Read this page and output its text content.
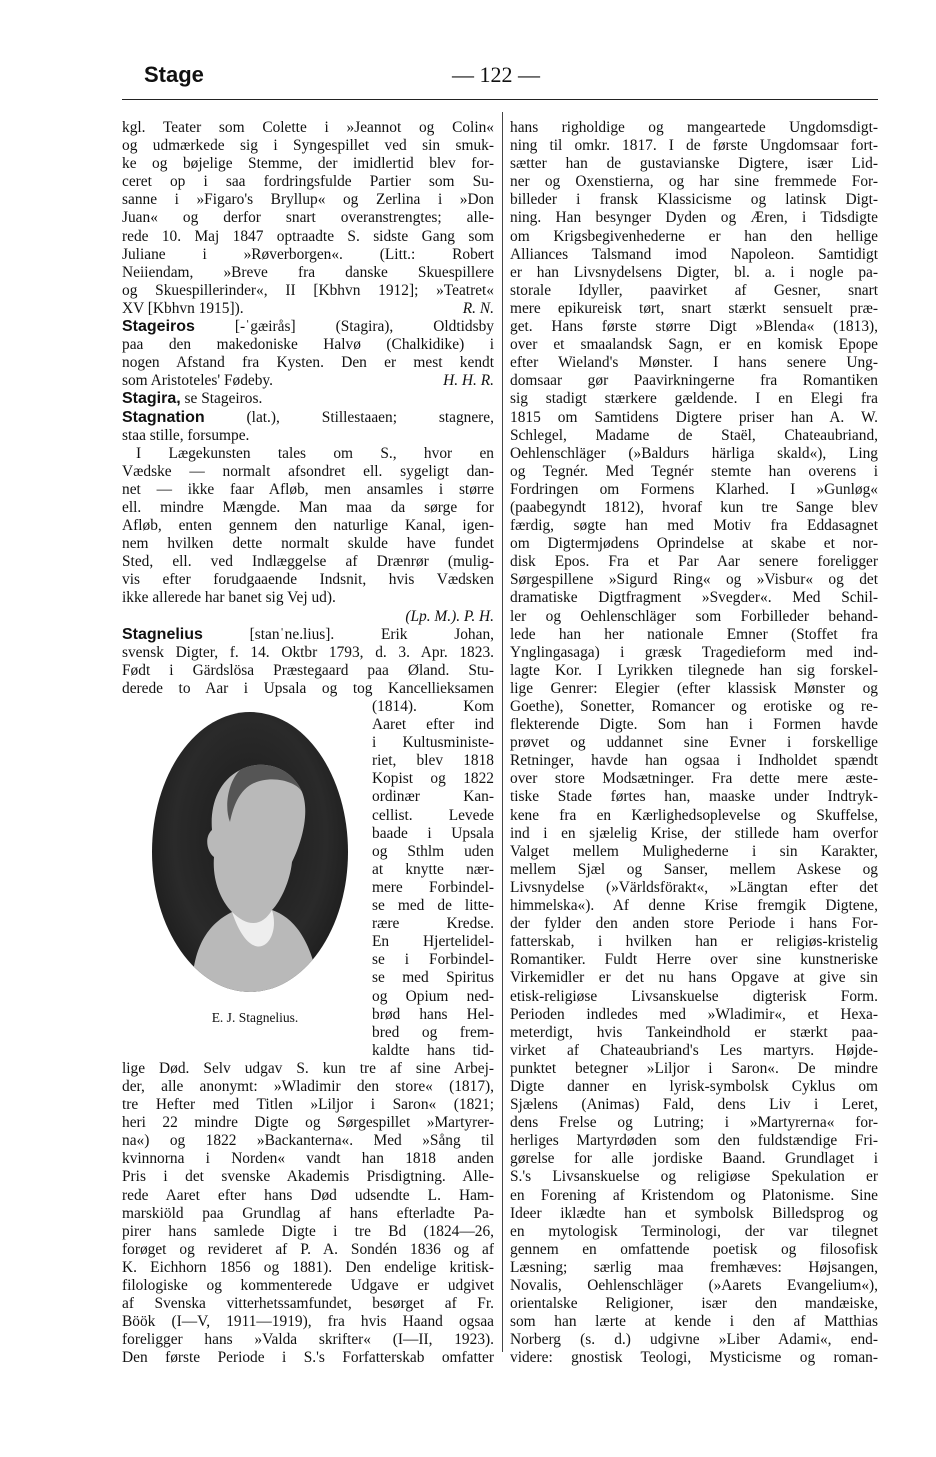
Stage	— 122 —
kgl. Teater som Colette i »Jeannot og Colin«
og udmærkede sig i Syngespillet ved sin smuk-
ke og bøjelige Stemme, der imidlertid blev for-
ceret op i saa fordringsfulde Partier som Su-
sanne i »Figaro's Bryllup« og Zerlina i »Don
Juan« og derfor snart overanstrengtes; alle-
rede 10. Maj 1847 optraadte S. sidste Gang som
Juliane i »Røverborgen«. (Litt.: Robert
Neiiendam, »Breve fra danske Skuespillere
og Skuespillerinder«, II [Kbhvn 1912]; »Teatret«
XV [Kbhvn 1915]).	R. N.
Stageiros [-ˈgæirås] (Stagira), Oldtidsby
paa den makedoniske Halvø (Chalkidike) i
nogen Afstand fra Kysten. Den er mest kendt
som Aristoteles' Fødeby.	H. H. R.
Stagira, se Stageiros.
Stagnation (lat.), Stillestaaen; stagnere,
staa stille, forsumpe.
I Lægekunsten tales om S., hvor en
Vædske — normalt afsondret ell. sygeligt dan-
net — ikke faar Afløb, men ansamles i større
ell. mindre Mængde. Man maa da sørge for
Afløb, enten gennem den naturlige Kanal, igen-
nem hvilken dette normalt skulde have fundet
Sted, ell. ved Indlæggelse af Drænrør (mulig-
vis efter forudgaaende Indsnit, hvis Vædsken
ikke allerede har banet sig Vej ud).
(Lp. M.). P. H.
Stagnelius [stanˈne.lius]. Erik Johan,
svensk Digter, f. 14. Oktbr 1793, d. 3. Apr. 1823.
Født i Gärdslösa Præstegaard paa Øland. Stu-
derede to Aar i Upsala og tog Kancellieksamen
(1814). Kom
Aaret efter ind
i Kultusministe-
riet, blev 1818
Kopist og 1822
ordinær Kan-
cellist. Levede
baade i Upsala
og Sthlm uden
at knytte nær-
mere Forbindel-
se med de litte-
rære Kredse.
En Hjertelidel-
se i Forbindel-
se med Spiritus
og Opium ned-
brød hans Hel-
bred og frem-
kaldte hans tid-
lige Død. Selv udgav S. kun tre af sine Arbej-
der, alle anonymt: »Wladimir den store« (1817),
tre Hefter med Titlen »Liljor i Saron« (1821;
heri 22 mindre Digte og Sørgespillet »Martyrer-
na«) og 1822 »Backanterna«. Med »Sång til
kvinnorna i Norden« vandt han 1818 anden
Pris i det svenske Akademis Prisdigtning. Alle-
rede Aaret efter hans Død udsendte L. Ham-
marskiöld paa Grundlag af hans efterladte Pa-
pirer hans samlede Digte i tre Bd (1824—26,
forøget og revideret af P. A. Sondén 1836 og af
K. Eichhorn 1856 og 1881). Den endelige kritisk-
filologiske og kommenterede Udgave er udgivet
af Svenska vitterhetssamfundet, besørget af Fr.
Böök (I—V, 1911—1919), fra hvis Haand ogsaa
foreligger hans »Valda skrifter« (I—II, 1923).
Den første Periode i S.'s Forfatterskab omfatter
E. J. Stagnelius.
hans righoldige og mangeartede Ungdomsdigt-
ning til omkr. 1817. I de første Ungdomsaar fort-
sætter han de gustavianske Digtere, især Lid-
ner og Oxenstierna, og har sine fremmede For-
billeder i fransk Klassicisme og latinsk Digt-
ning. Han besynger Dyden og Æren, i Tidsdigte
om Krigsbegivenhederne er han den hellige
Alliances Talsmand imod Napoleon. Samtidigt
er han Livsnydelsens Digter, bl. a. i nogle pa-
storale Idyller, paavirket af Gesner, snart
mere epikureisk tørt, snart stærkt sensuelt præ-
get. Hans første større Digt »Blenda« (1813),
over et smaalandsk Sagn, er en komisk Epope
efter Wieland's Mønster. I hans senere Ung-
domsaar gør Paavirkningerne fra Romantiken
sig stadigt stærkere gældende. I en Elegi fra
1815 om Samtidens Digtere priser han A. W.
Schlegel, Madame de Staël, Chateaubriand,
Oehlenschläger (»Baldurs härliga skald«), Ling
og Tegnér. Med Tegnér stemte han overens i
Fordringen om Formens Klarhed. I »Gunløg«
(paabegyndt 1812), hvoraf kun tre Sange blev
færdig, søgte han med Motiv fra Eddasagnet
om Digtermjødens Oprindelse at skabe et nor-
disk Epos. Fra et Par Aar senere foreligger
Sørgespillene »Sigurd Ring« og »Visbur« og det
dramatiske Digtfragment »Svegder«. Med Schil-
ler og Oehlenschläger som Forbilleder behand-
lede han her nationale Emner (Stoffet fra
Ynglingasaga) i græsk Tragedieform med ind-
lagte Kor. I Lyrikken tilegnede han sig forskel-
lige Genrer: Elegier (efter klassisk Mønster og
Goethe), Sonetter, Romancer og erotiske og re-
flekterende Digte. Som han i Formen havde
prøvet og uddannet sine Evner i forskellige
Retninger, havde han ogsaa i Indholdet spændt
over store Modsætninger. Fra dette mere æste-
tiske Stade førtes han, maaske under Indtryk-
kene fra en Kærlighedsoplevelse og Skuffelse,
ind i en sjælelig Krise, der stillede ham overfor
Valget mellem Mulighederne i sin Karakter,
mellem Sjæl og Sanser, mellem Askese og
Livsnydelse (»Världsförakt«, »Längtan efter det
himmelska«). Af denne Krise fremgik Digtene,
der fylder den anden store Periode i hans For-
fatterskab, i hvilken han er religiøs-kristelig
Romantiker. Fuldt Herre over sine kunstneriske
Virkemidler er det nu hans Opgave at give sin
etisk-religiøse Livsanskuelse digterisk Form.
Perioden indledes med »Wladimir«, et Hexa-
meterdigt, hvis Tankeindhold er stærkt paa-
virket af Chateaubriand's Les martyrs. Højde-
punktet betegner »Liljor i Saron«. De mindre
Digte danner en lyrisk-symbolsk Cyklus om
Sjælens (Animas) Fald, dens Liv i Leret,
dens Frelse og Lutring; i »Martyrerna« for-
herliges Martyrdøden som den fuldstændige Fri-
gørelse for alle jordiske Baand. Grundlaget i
S.'s Livsanskuelse og religiøse Spekulation er
en Forening af Kristendom og Platonisme. Sine
Ideer iklædte han et symbolsk Billedsprog og
en mytologisk Terminologi, der var tilegnet
gennem en omfattende poetisk og filosofisk
Læsning; særlig maa fremhæves: Højsangen,
Novalis, Oehlenschläger (»Aarets Evangelium«),
orientalske Religioner, især den mandæiske,
som han lærte at kende i den af Matthias
Norberg (s. d.) udgivne »Liber Adami«, end-
videre: gnostisk Teologi, Mysticisme og roman-
